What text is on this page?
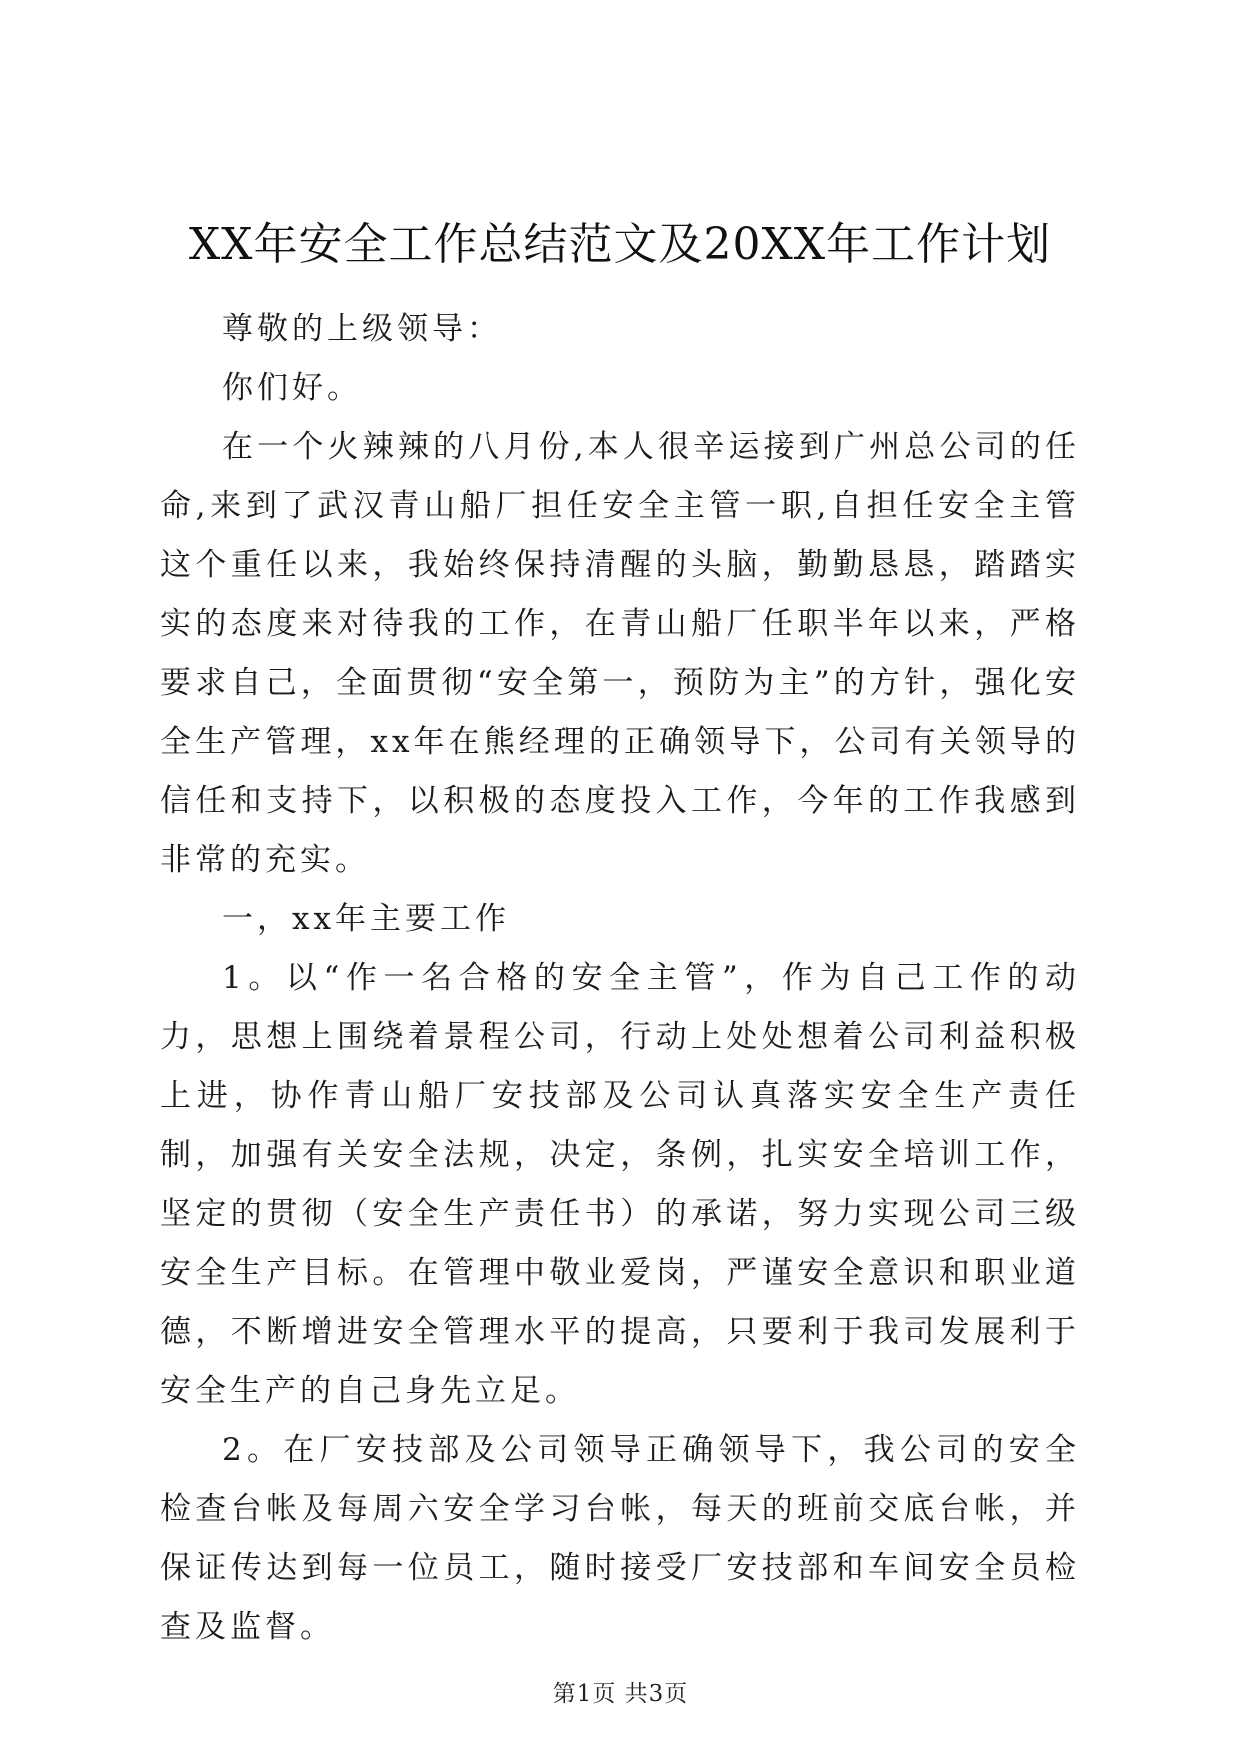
XX年安全工作总结范文及20XX年工作计划

尊敬的上级领导：

你们好。

在一个火辣辣的八月份,本人很辛运接到广州总公司的任命,来到了武汉青山船厂担任安全主管一职,自担任安全主管这个重任以来，我始终保持清醒的头脑，勤勤恳恳，踏踏实实的态度来对待我的工作，在青山船厂任职半年以来，严格要求自己，全面贯彻“安全第一，预防为主”的方针，强化安全生产管理，xx年在熊经理的正确领导下，公司有关领导的信任和支持下，以积极的态度投入工作，今年的工作我感到非常的充实。

一，xx年主要工作

1。以“作一名合格的安全主管”，作为自己工作的动力，思想上围绕着景程公司，行动上处处想着公司利益积极上进，协作青山船厂安技部及公司认真落实安全生产责任制，加强有关安全法规，决定，条例，扎实安全培训工作，坚定的贯彻（安全生产责任书）的承诺，努力实现公司三级安全生产目标。在管理中敬业爱岗，严谨安全意识和职业道德，不断增进安全管理水平的提高，只要利于我司发展利于安全生产的自己身先立足。

2。在厂安技部及公司领导正确领导下，我公司的安全检查台帐及每周六安全学习台帐，每天的班前交底台帐，并保证传达到每一位员工，随时接受厂安技部和车间安全员检查及监督。

第1页 共3页
